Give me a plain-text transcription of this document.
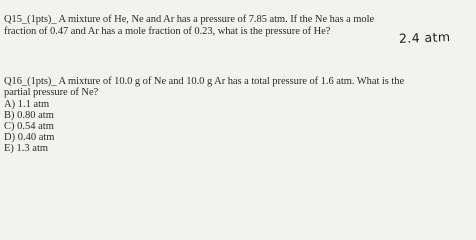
Q15_(1pts)_ A mixture of He, Ne and Ar has a pressure of 7.85 atm. If the Ne has a mole
fraction of 0.47 and Ar has a mole fraction of 0.23, what is the pressure of He?	2.4 atm
Q16_(1pts)_ A mixture of 10.0 g of Ne and 10.0 g Ar has a total pressure of 1.6 atm. What is the
partial pressure of Ne?
A) 1.1 atm
B) 0.80 atm
C) 0.54 atm
D) 0.40 atm
E) 1.3 atm
